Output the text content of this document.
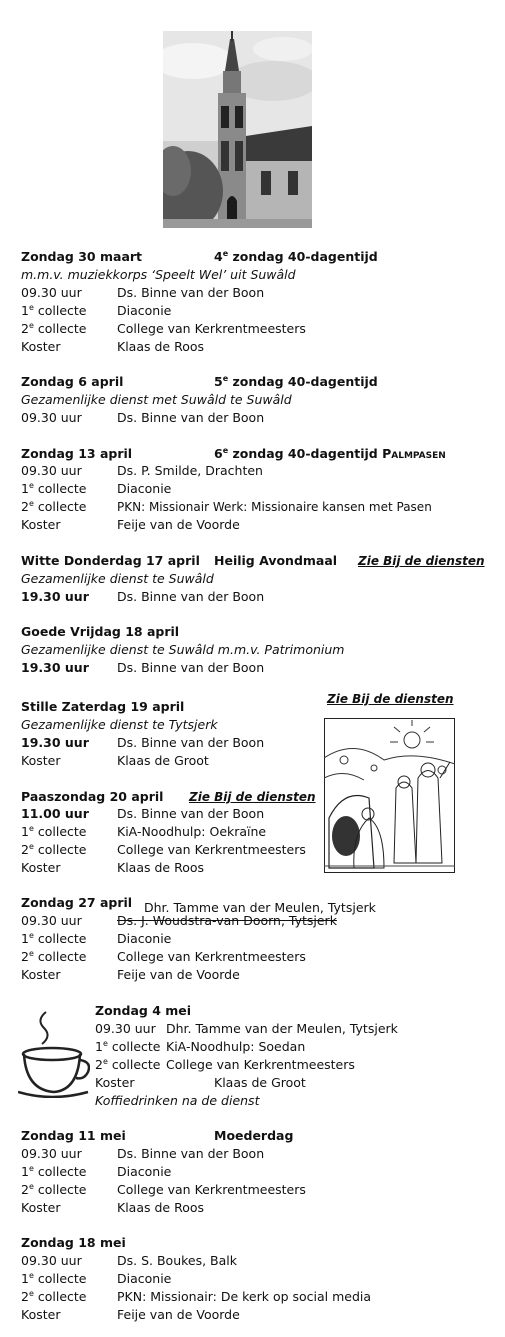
Zondag 30 maart	4e zondag 40-dagentijd
m.m.v. muziekkorps ‘Speelt Wel’ uit Suwâld
09.30 uur	Ds. Binne van der Boon
1e collecte Diaconie
2e collecte College van Kerkrentmeesters
Koster	Klaas de Roos
Zondag 6 april	5e zondag 40-dagentijd
Gezamenlijke dienst met Suwâld te Suwâld
09.30 uur	Ds. Binne van der Boon
Zondag 13 april	6e zondag 40-dagentijd Palmpasen
09.30 uur	Ds. P. Smilde, Drachten
1e collecte Diaconie
2e collecte	PKN: Missionair Werk: Missionaire kansen met Pasen
Koster	Feije van de Voorde
Witte Donderdag 17 april Heilig Avondmaal Zie Bij de diensten
Gezamenlijke dienst te Suwâld
19.30 uur Ds. Binne van der Boon
Goede Vrijdag 18 april
Gezamenlijke dienst te Suwâld m.m.v. Patrimonium
19.30 uur Ds. Binne van der Boon
Zie Bij de diensten
Stille Zaterdag 19 april
Gezamenlijke dienst te Tytsjerk
19.30 uur Ds. Binne van der Boon
Koster	Klaas de Groot
Paaszondag 20 april Zie Bij de diensten
11.00 uur Ds. Binne van der Boon
1e collecte KiA-Noodhulp: Oekraïne
2e collecte College van Kerkrentmeesters
Koster	Klaas de Roos
Zondag 27 april Dhr. Tamme van der Meulen, Tytsjerk
09.30 uur	Ds. J. Woudstra-van Doorn, Tytsjerk
1e collecte Diaconie
2e collecte College van Kerkrentmeesters
Koster	Feije van de Voorde
Zondag 4 mei
09.30 uur Dhr. Tamme van der Meulen, Tytsjerk
1e collecte KiA-Noodhulp: Soedan
2e collecte College van Kerkrentmeesters
Koster	Klaas de Groot
Koffiedrinken na de dienst
Zondag 11 mei	Moederdag
09.30 uur	Ds. Binne van der Boon
1e collecte Diaconie
2e collecte College van Kerkrentmeesters
Koster	Klaas de Roos
Zondag 18 mei
09.30 uur	Ds. S. Boukes, Balk
1e collecte Diaconie
2e collecte PKN: Missionair: De kerk op social media
Koster	Feije van de Voorde
